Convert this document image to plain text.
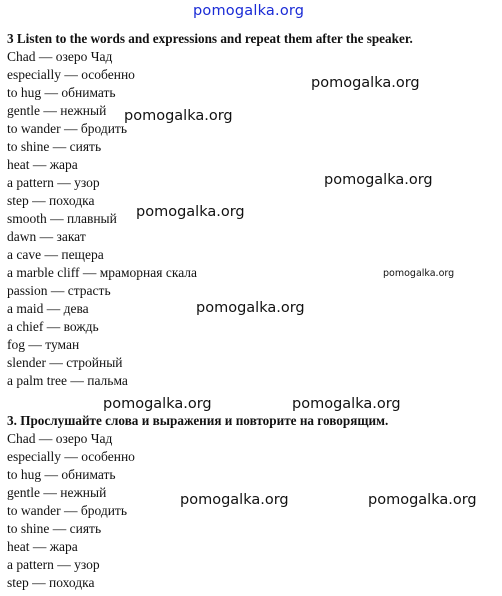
pomogalka.org
pomogalka.org
pomogalka.org
pomogalka.org
pomogalka.org
pomogalka.org
pomogalka.org
pomogalka.org	pomogalka.org
pomogalka.org	pomogalka.org
3 Listen to the words and expressions and repeat them after the speaker.
Chad — озеро Чад
especially — особенно
to hug — обнимать
gentle — нежный
to wander — бродить
to shine — сиять
heat — жара
a pattern — узор
step — походка
smooth — плавный
dawn — закат
a cave — пещера
a marble cliff — мраморная скала
passion — страсть
a maid — дева
a chief — вождь
fog — туман
slender — стройный
a palm tree — пальма
3. Прослушайте слова и выражения и повторите на говорящим.
Chad — озеро Чад
especially — особенно
to hug — обнимать
gentle — нежный
to wander — бродить
to shine — сиять
heat — жара
a pattern — узор
step — походка
